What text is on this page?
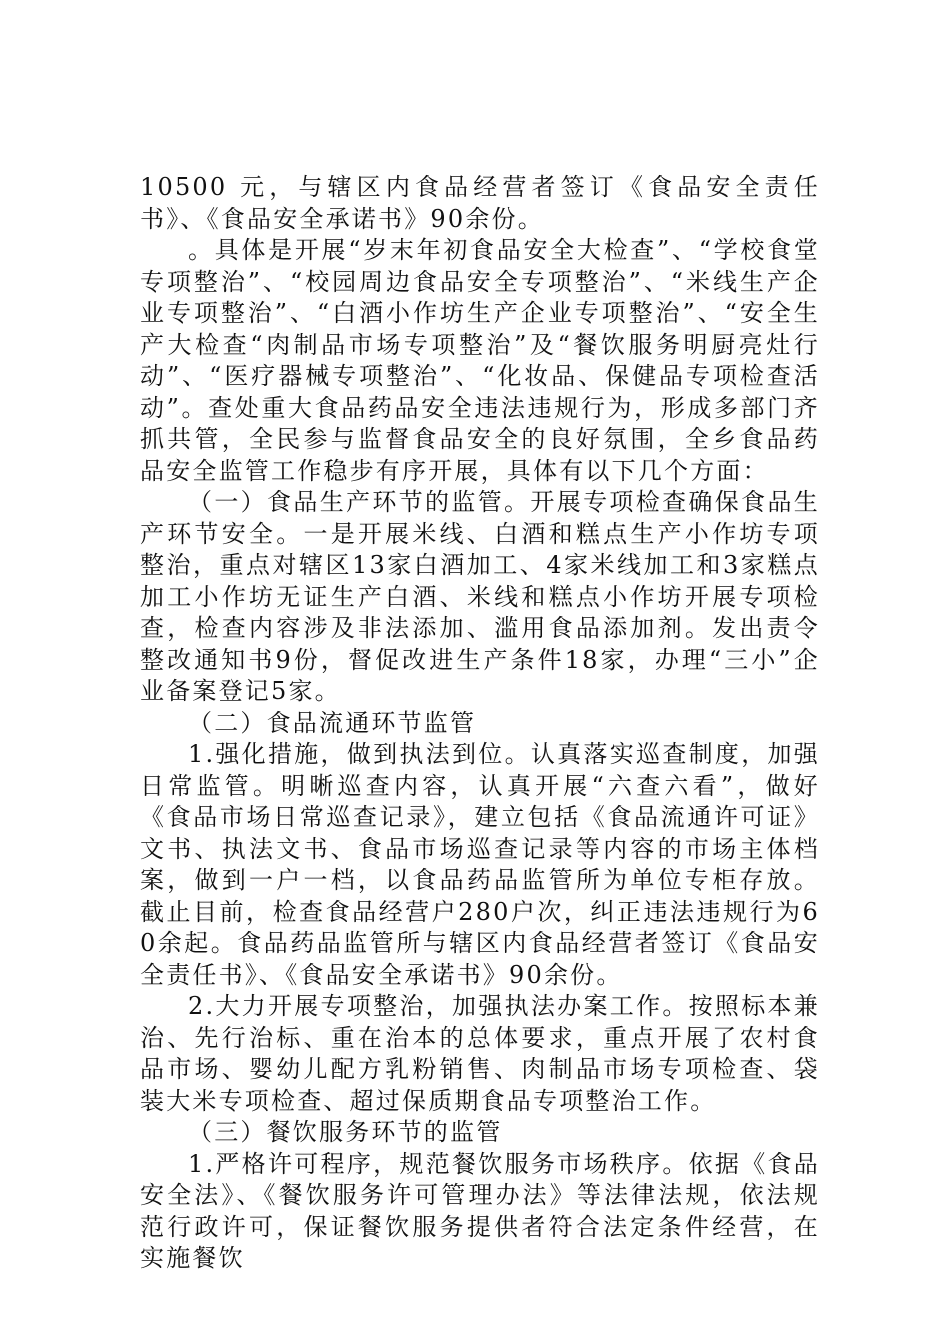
10500 元，与辖区内食品经营者签订《食品安全责任书》、《食品安全承诺书》90余份。

。具体是开展“岁末年初食品安全大检查”、“学校食堂专项整治”、“校园周边食品安全专项整治”、“米线生产企业专项整治”、“白酒小作坊生产企业专项整治”、“安全生产大检查“肉制品市场专项整治”及“餐饮服务明厨亮灶行动”、“医疗器械专项整治”、“化妆品、保健品专项检查活动”。查处重大食品药品安全违法违规行为，形成多部门齐抓共管，全民参与监督食品安全的良好氛围，全乡食品药品安全监管工作稳步有序开展，具体有以下几个方面：

（一）食品生产环节的监管。开展专项检查确保食品生产环节安全。一是开展米线、白酒和糕点生产小作坊专项整治，重点对辖区13家白酒加工、4家米线加工和3家糕点加工小作坊无证生产白酒、米线和糕点小作坊开展专项检查，检查内容涉及非法添加、滥用食品添加剂。发出责令整改通知书9份，督促改进生产条件18家，办理“三小”企业备案登记5家。

（二）食品流通环节监管

1.强化措施，做到执法到位。认真落实巡查制度，加强日常监管。明晰巡查内容，认真开展“六查六看”，做好《食品市场日常巡查记录》，建立包括《食品流通许可证》文书、执法文书、食品市场巡查记录等内容的市场主体档案，做到一户一档，以食品药品监管所为单位专柜存放。截止目前，检查食品经营户280户次，纠正违法违规行为60余起。食品药品监管所与辖区内食品经营者签订《食品安全责任书》、《食品安全承诺书》90余份。

2.大力开展专项整治，加强执法办案工作。按照标本兼治、先行治标、重在治本的总体要求，重点开展了农村食品市场、婴幼儿配方乳粉销售、肉制品市场专项检查、袋装大米专项检查、超过保质期食品专项整治工作。

（三）餐饮服务环节的监管

1.严格许可程序，规范餐饮服务市场秩序。依据《食品安全法》、《餐饮服务许可管理办法》等法律法规，依法规范行政许可，保证餐饮服务提供者符合法定条件经营，在实施餐饮
